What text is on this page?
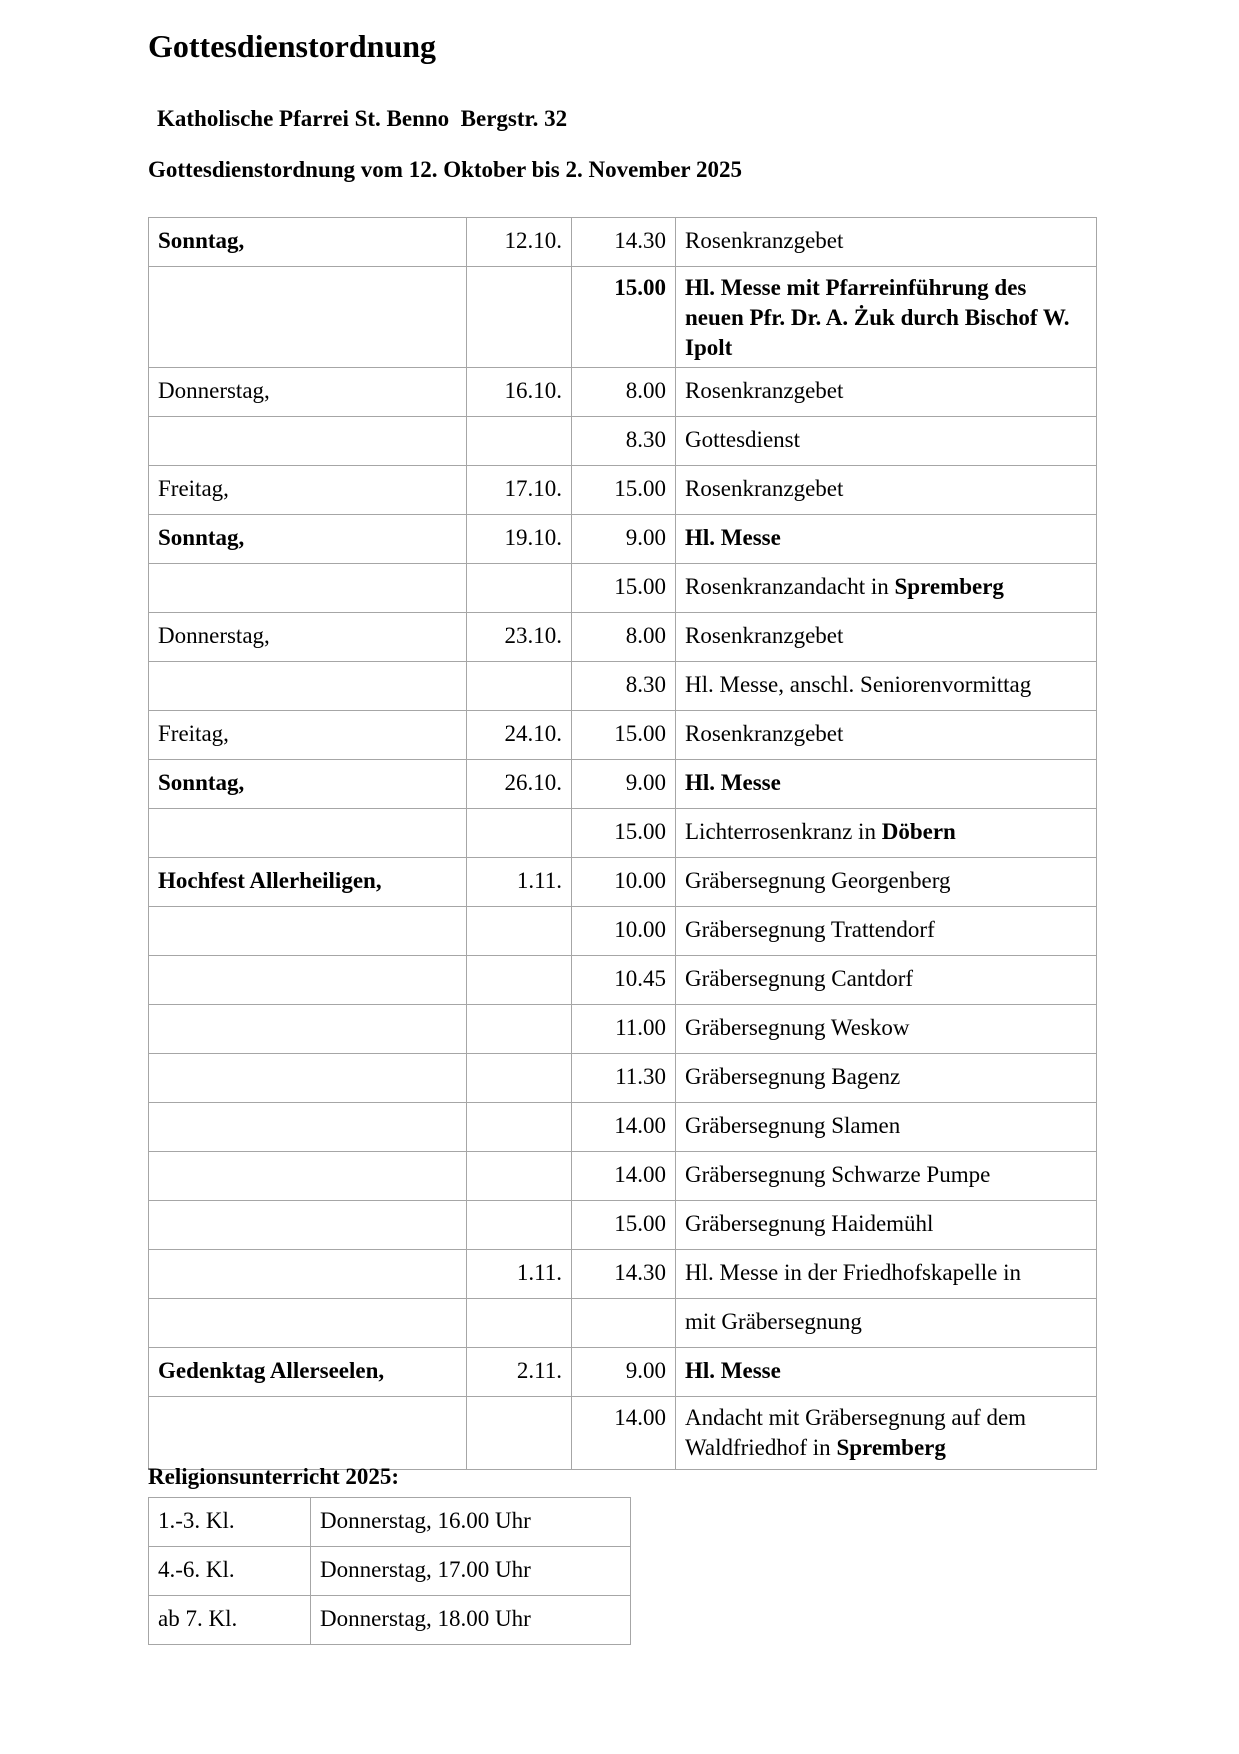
Gottesdienstordnung
Katholische Pfarrei St. Benno  Bergstr. 32
Gottesdienstordnung vom 12. Oktober bis 2. November 2025
Sonntag,	12.10.	14.30	Rosenkranzgebet
		15.00	Hl. Messe mit Pfarreinführung des neuen Pfr. Dr. A. Żuk durch Bischof W. Ipolt
Donnerstag,	16.10.	8.00	Rosenkranzgebet
		8.30	Gottesdienst
Freitag,	17.10.	15.00	Rosenkranzgebet
Sonntag,	19.10.	9.00	Hl. Messe
		15.00	Rosenkranzandacht in Spremberg
Donnerstag,	23.10.	8.00	Rosenkranzgebet
		8.30	Hl. Messe, anschl. Seniorenvormittag
Freitag,	24.10.	15.00	Rosenkranzgebet
Sonntag,	26.10.	9.00	Hl. Messe
		15.00	Lichterrosenkranz in Döbern
Hochfest Allerheiligen,	1.11.	10.00	Gräbersegnung Georgenberg
		10.00	Gräbersegnung Trattendorf
		10.45	Gräbersegnung Cantdorf
		11.00	Gräbersegnung Weskow
		11.30	Gräbersegnung Bagenz
		14.00	Gräbersegnung Slamen
		14.00	Gräbersegnung Schwarze Pumpe
		15.00	Gräbersegnung Haidemühl
	1.11.	14.30	Hl. Messe in der Friedhofskapelle in
			mit Gräbersegnung
Gedenktag Allerseelen,	2.11.	9.00	Hl. Messe
		14.00	Andacht mit Gräbersegnung auf dem Waldfriedhof in Spremberg
Religionsunterricht 2025:
1.-3. Kl.	Donnerstag, 16.00 Uhr
4.-6. Kl.	Donnerstag, 17.00 Uhr
ab 7. Kl.	Donnerstag, 18.00 Uhr
